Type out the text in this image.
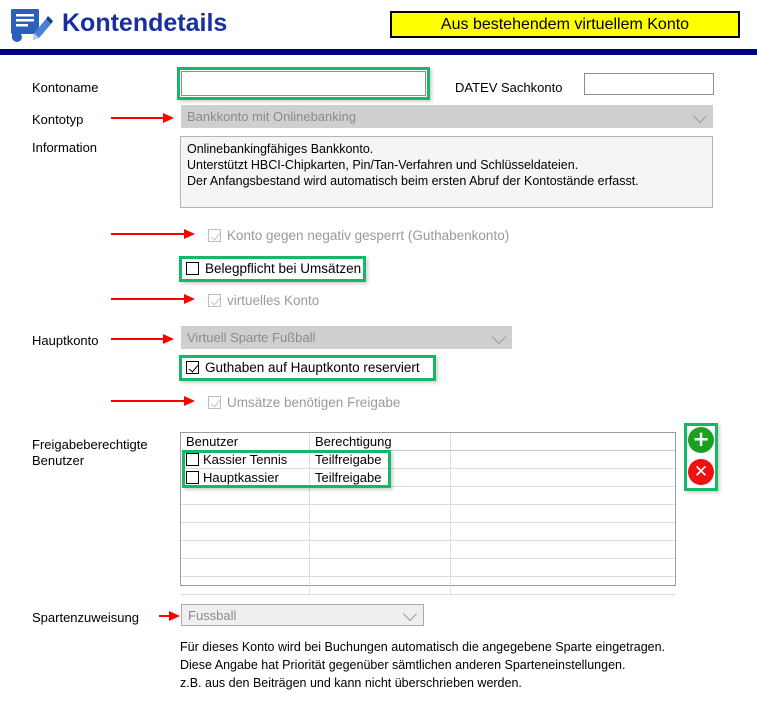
Kontendetails	Aus bestehendem virtuellem Konto
Kontoname	DATEV Sachkonto
Kontotyp	Bankkonto mit Onlinebanking
Information	Onlinebankingfähiges Bankkonto.
Unterstützt HBCI-Chipkarten, Pin/Tan-Verfahren und Schlüsseldateien.
Der Anfangsbestand wird automatisch beim ersten Abruf der Kontostände erfasst.
Konto gegen negativ gesperrt (Guthabenkonto)
Belegpflicht bei Umsätzen
virtuelles Konto
Hauptkonto	Virtuell Sparte Fußball
Guthaben auf Hauptkonto reserviert
Umsätze benötigen Freigabe
Freigabeberechtigte
Benutzer
Benutzer	Berechtigung	

Kassier Tennis	Teilfreigabe	

Hauptkassier	Teilfreigabe	

+
✕
Spartenzuweisung	Fussball
Für dieses Konto wird bei Buchungen automatisch die angegebene Sparte eingetragen.
Diese Angabe hat Priorität gegenüber sämtlichen anderen Sparteneinstellungen.
z.B. aus den Beiträgen und kann nicht überschrieben werden.
